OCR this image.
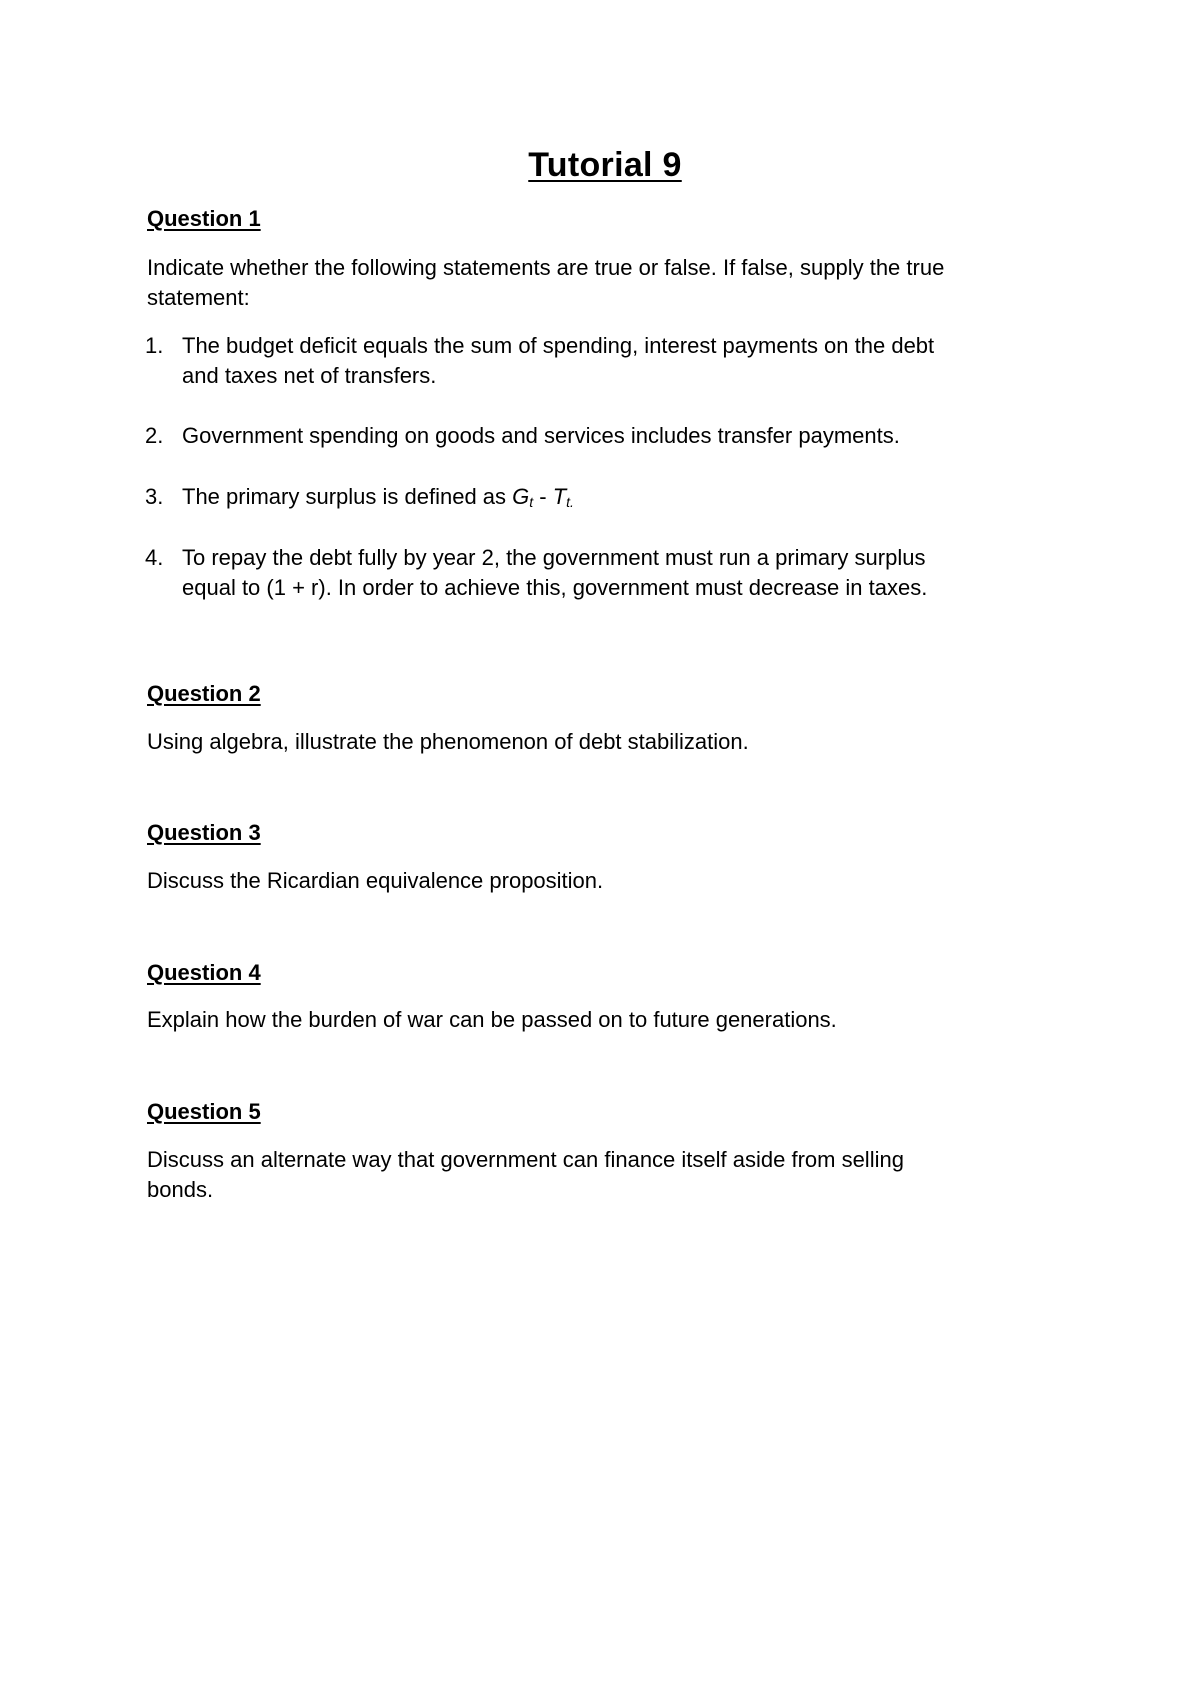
Tutorial 9
Question 1
Indicate whether the following statements are true or false. If false, supply the true
statement:
1. The budget deficit equals the sum of spending, interest payments on the debt
and taxes net of transfers.
2. Government spending on goods and services includes transfer payments.
3. The primary surplus is defined as $G_t - T_{t.}$
4. To repay the debt fully by year 2, the government must run a primary surplus
equal to (1 + r). In order to achieve this, government must decrease in taxes.
Question 2
Using algebra, illustrate the phenomenon of debt stabilization.
Question 3
Discuss the Ricardian equivalence proposition.
Question 4
Explain how the burden of war can be passed on to future generations.
Question 5
Discuss an alternate way that government can finance itself aside from selling
bonds.
